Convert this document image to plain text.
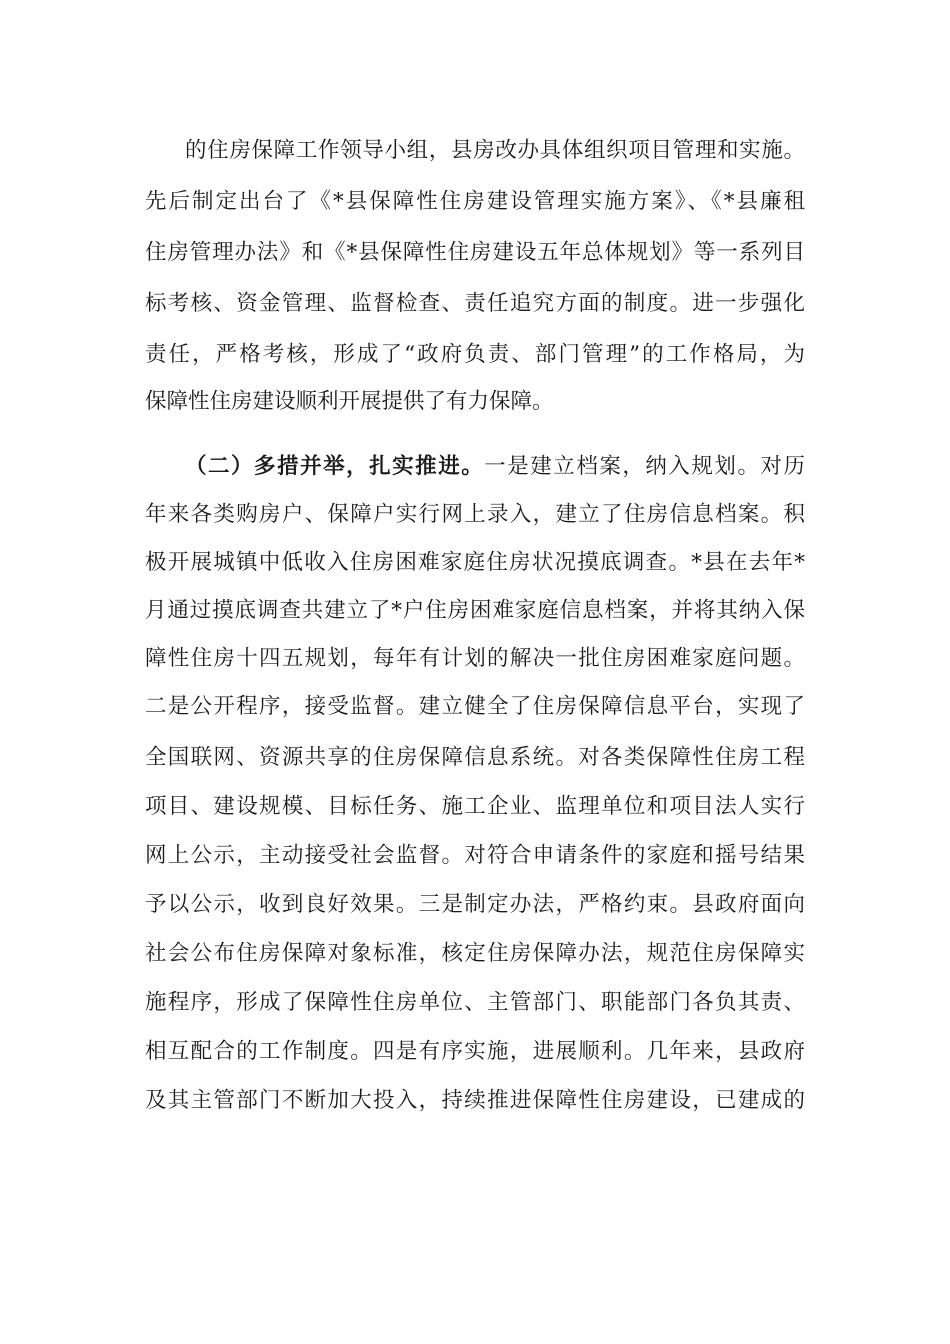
的住房保障工作领导小组，县房改办具体组织项目管理和实施。
先后制定出台了《*县保障性住房建设管理实施方案》、《*县廉租
住房管理办法》和《*县保障性住房建设五年总体规划》等一系列目
标考核、资金管理、监督检查、责任追究方面的制度。进一步强化
责任，严格考核，形成了“政府负责、部门管理”的工作格局，为
保障性住房建设顺利开展提供了有力保障。
（二）多措并举，扎实推进。一是建立档案，纳入规划。对历
年来各类购房户、保障户实行网上录入，建立了住房信息档案。积
极开展城镇中低收入住房困难家庭住房状况摸底调查。*县在去年*
月通过摸底调查共建立了*户住房困难家庭信息档案，并将其纳入保
障性住房十四五规划，每年有计划的解决一批住房困难家庭问题。
二是公开程序，接受监督。建立健全了住房保障信息平台，实现了
全国联网、资源共享的住房保障信息系统。对各类保障性住房工程
项目、建设规模、目标任务、施工企业、监理单位和项目法人实行
网上公示，主动接受社会监督。对符合申请条件的家庭和摇号结果
予以公示，收到良好效果。三是制定办法，严格约束。县政府面向
社会公布住房保障对象标准，核定住房保障办法，规范住房保障实
施程序，形成了保障性住房单位、主管部门、职能部门各负其责、
相互配合的工作制度。四是有序实施，进展顺利。几年来，县政府
及其主管部门不断加大投入，持续推进保障性住房建设，已建成的
